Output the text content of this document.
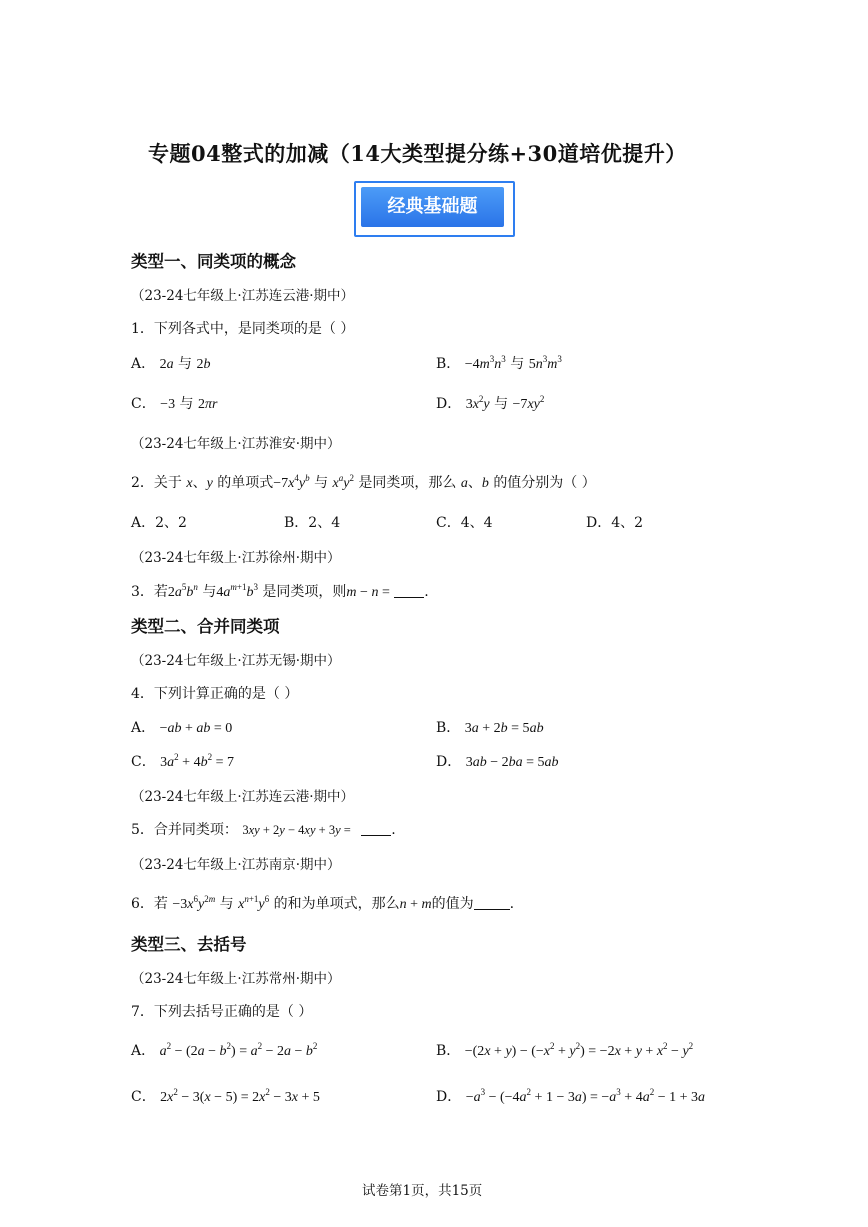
专题04整式的加减（14大类型提分练+30道培优提升）
经典基础题
类型一、同类项的概念
（23-24七年级上·江苏连云港·期中）
1．下列各式中，是同类项的是（ ）
A． 2a 与 2b	B． $-4m^3n^3$ 与 $5n^3m^3$
C． −3 与 2πr	D． $3x^2y$ 与 $-7xy^2$
（23-24七年级上·江苏淮安·期中）
2．关于 x、y 的单项式$-7x^4y^b$ 与 $x^ay^2$ 是同类项，那么 a、b 的值分别为（ ）
A．2、2	B．2、4	C．4、4	D．4、2
（23-24七年级上·江苏徐州·期中）
3．若$2a^5b^n$ 与$4a^{m+1}b^3$ 是同类项，则m − n = .
类型二、合并同类项
（23-24七年级上·江苏无锡·期中）
4．下列计算正确的是（ ）
A． −ab + ab = 0	B． 3a + 2b = 5ab
C． $3a^2 + 4b^2 = 7$	D． 3ab − 2ba = 5ab
（23-24七年级上·江苏连云港·期中）
5．合并同类项： 3xy + 2y − 4xy + 3y =	.
（23-24七年级上·江苏南京·期中）
6．若 $-3x^6y^{2m}$ 与 $x^{n+1}y^6$ 的和为单项式，那么n + m的值为	.
类型三、去括号
（23-24七年级上·江苏常州·期中）
7．下列去括号正确的是（ ）
A． $a^2 - (2a - b^2) = a^2 - 2a - b^2$	B． $-(2x + y) - (-x^2 + y^2) = -2x + y + x^2 - y^2$
C． $2x^2 - 3(x - 5) = 2x^2 - 3x + 5$	D． $-a^3 - (-4a^2 + 1 - 3a) = -a^3 + 4a^2 - 1 + 3a$
试卷第1页，共15页
